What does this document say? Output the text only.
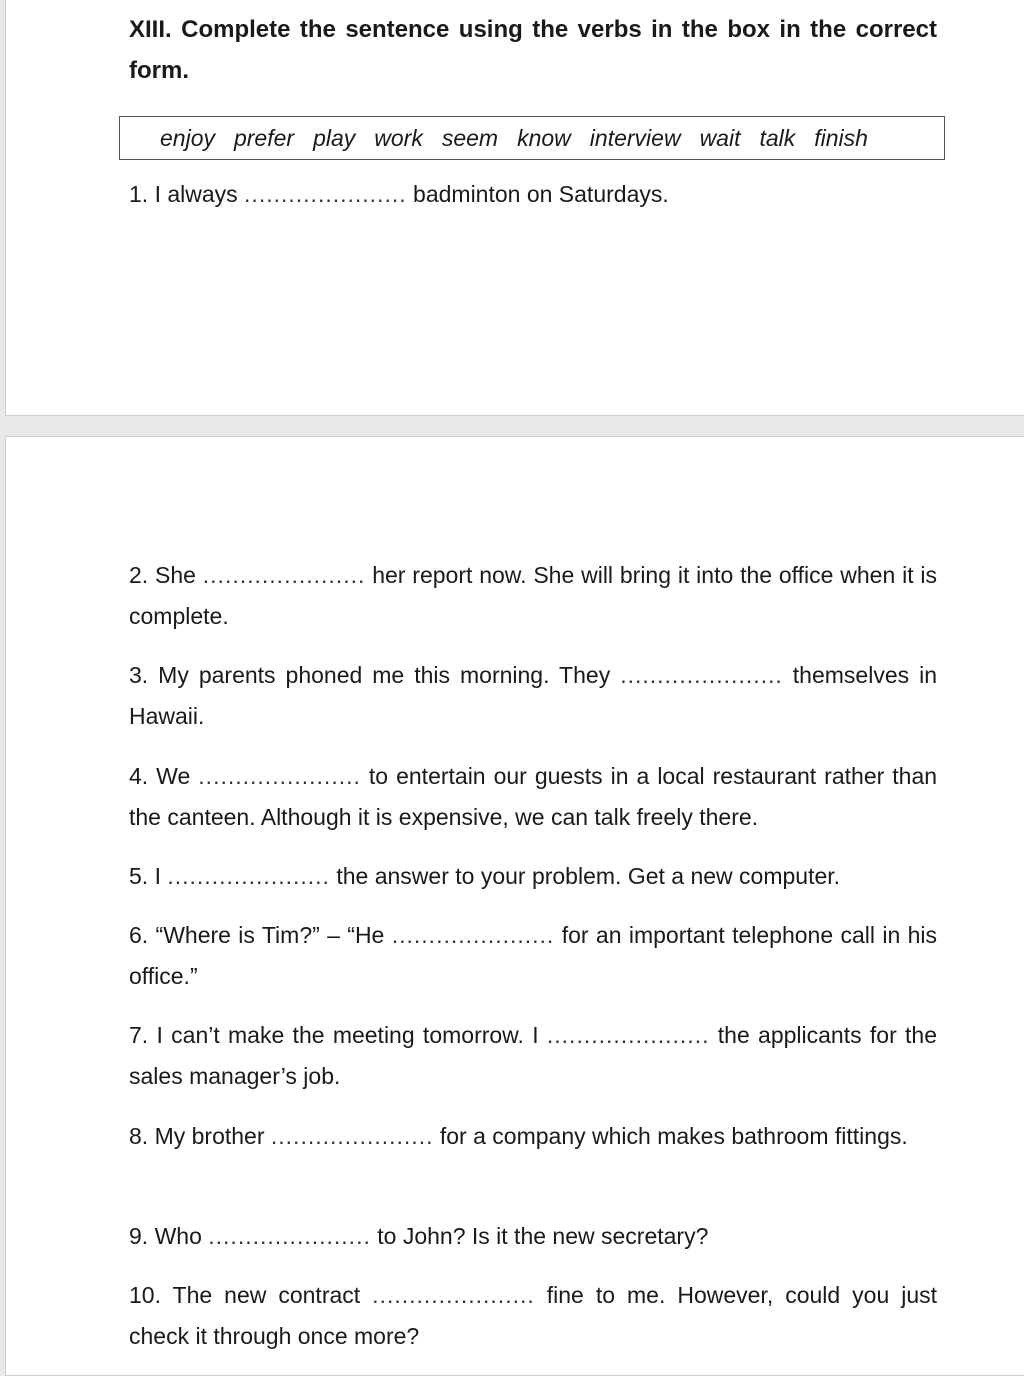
XIII. Complete the sentence using the verbs in the box in the correct form.
enjoy prefer play work seem know interview wait talk finish

1. I always ...................... badminton on Saturdays.

2. She ...................... her report now. She will bring it into the office when it is complete.

3. My parents phoned me this morning. They ...................... themselves in Hawaii.

4. We ...................... to entertain our guests in a local restaurant rather than the canteen. Although it is expensive, we can talk freely there.

5. I ...................... the answer to your problem. Get a new computer.

6. “Where is Tim?” – “He ...................... for an important telephone call in his office.”

7. I can’t make the meeting tomorrow. I ...................... the applicants for the sales manager’s job.

8. My brother ...................... for a company which makes bathroom fittings.

9. Who ...................... to John? Is it the new secretary?

10. The new contract ...................... fine to me. However, could you just check it through once more?
